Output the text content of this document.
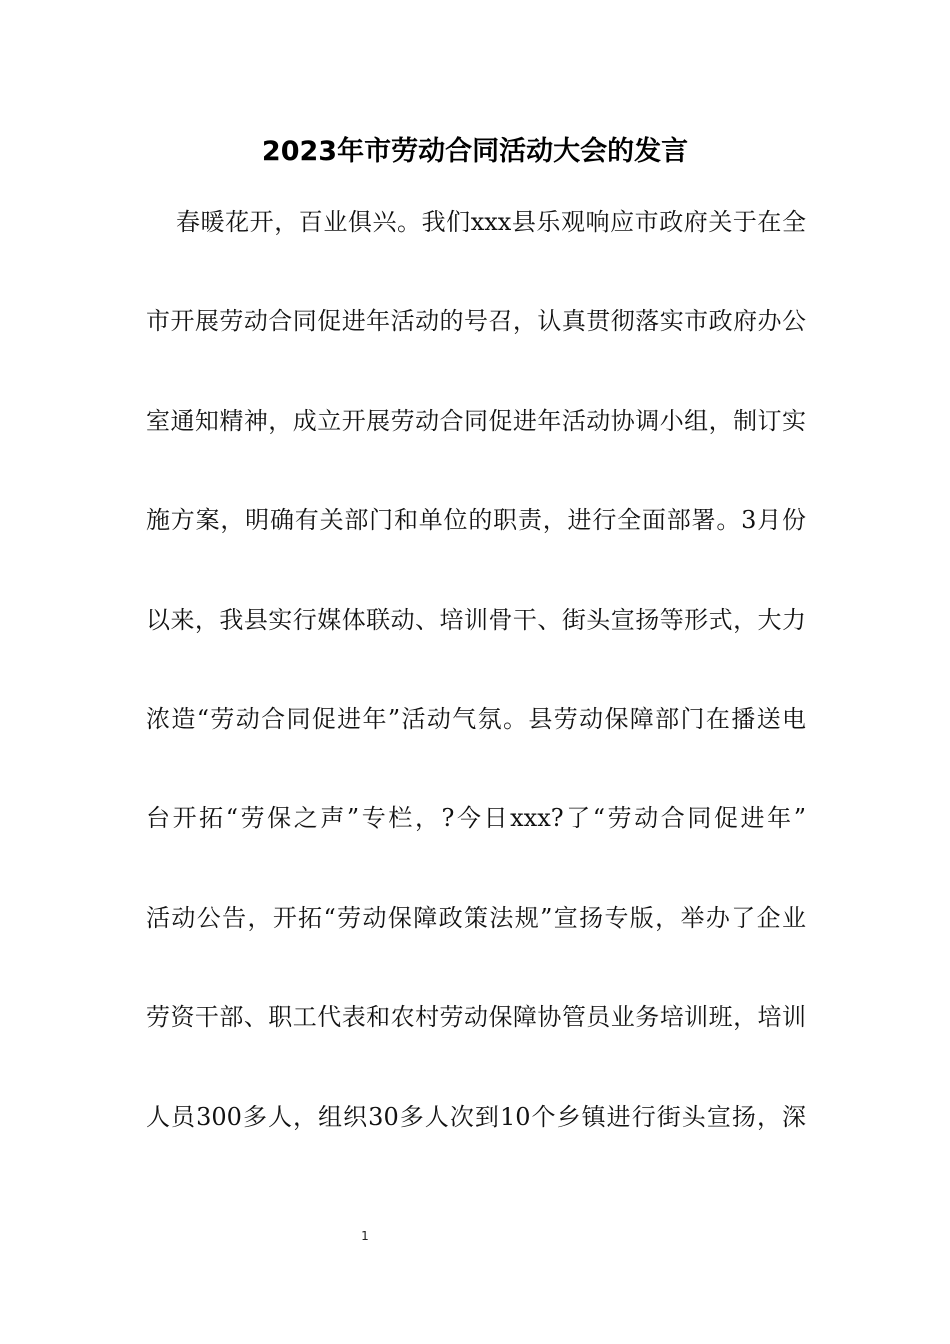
2023年市劳动合同活动大会的发言

春暖花开，百业俱兴。我们xxx县乐观响应市政府关于在全

市开展劳动合同促进年活动的号召，认真贯彻落实市政府办公

室通知精神，成立开展劳动合同促进年活动协调小组，制订实

施方案，明确有关部门和单位的职责，进行全面部署。3月份

以来，我县实行媒体联动、培训骨干、街头宣扬等形式，大力

浓造“劳动合同促进年”活动气氛。县劳动保障部门在播送电

台开拓“劳保之声”专栏，?今日xxx?了“劳动合同促进年”

活动公告，开拓“劳动保障政策法规”宣扬专版，举办了企业

劳资干部、职工代表和农村劳动保障协管员业务培训班，培训

人员300多人，组织30多人次到10个乡镇进行街头宣扬，深

1
